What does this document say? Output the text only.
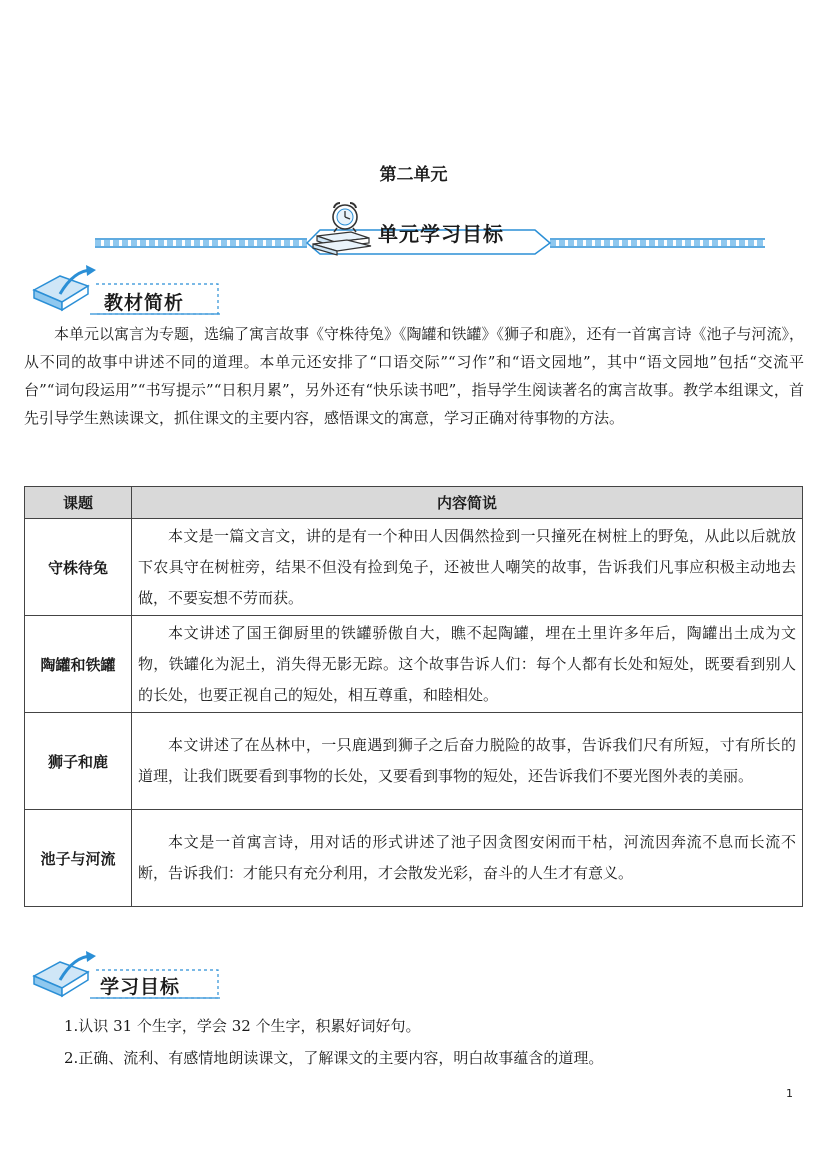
第二单元
单元学习目标
教材简析

本单元以寓言为专题，选编了寓言故事《守株待兔》《陶罐和铁罐》《狮子和鹿》，还有一首寓言诗《池子与河流》，从不同的故事中讲述不同的道理。本单元还安排了“口语交际”“习作”和“语文园地”，其中“语文园地”包括“交流平台”“词句段运用”“书写提示”“日积月累”，另外还有“快乐读书吧”，指导学生阅读著名的寓言故事。教学本组课文，首先引导学生熟读课文，抓住课文的主要内容，感悟课文的寓意，学习正确对待事物的方法。

课题	内容简说
守株待兔	本文是一篇文言文，讲的是有一个种田人因偶然捡到一只撞死在树桩上的野兔，从此以后就放下农具守在树桩旁，结果不但没有捡到兔子，还被世人嘲笑的故事，告诉我们凡事应积极主动地去做，不要妄想不劳而获。
陶罐和铁罐	本文讲述了国王御厨里的铁罐骄傲自大，瞧不起陶罐，埋在土里许多年后，陶罐出土成为文物，铁罐化为泥土，消失得无影无踪。这个故事告诉人们：每个人都有长处和短处，既要看到别人的长处，也要正视自己的短处，相互尊重，和睦相处。
狮子和鹿	本文讲述了在丛林中，一只鹿遇到狮子之后奋力脱险的故事，告诉我们尺有所短，寸有所长的道理，让我们既要看到事物的长处，又要看到事物的短处，还告诉我们不要光图外表的美丽。
池子与河流	本文是一首寓言诗，用对话的形式讲述了池子因贪图安闲而干枯，河流因奔流不息而长流不断，告诉我们：才能只有充分利用，才会散发光彩，奋斗的人生才有意义。
学习目标
1.认识 31 个生字，学会 32 个生字，积累好词好句。
2.正确、流利、有感情地朗读课文，了解课文的主要内容，明白故事蕴含的道理。
1
